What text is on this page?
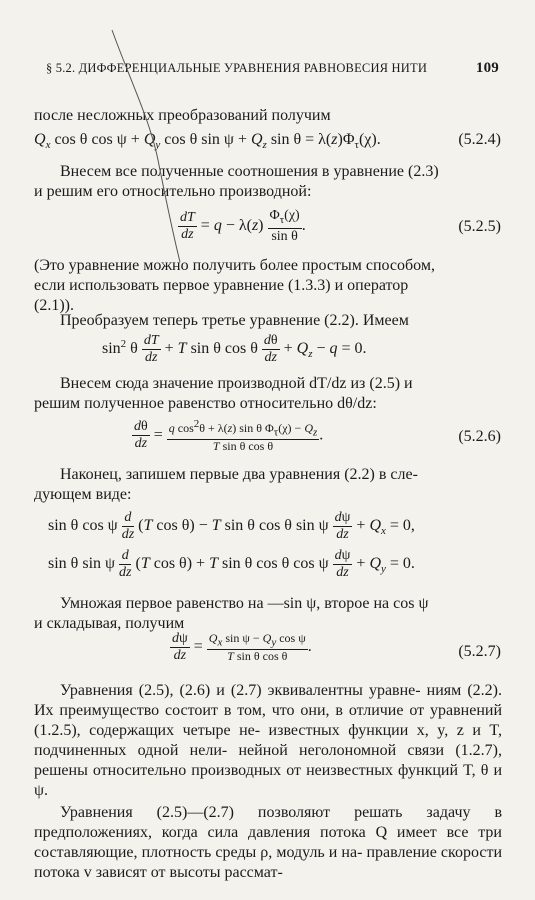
§ 5.2. ДИФФЕРЕНЦИАЛЬНЫЕ УРАВНЕНИЯ РАВНОВЕСИЯ НИТИ	109
после несложных преобразований получим
$Q_x$ cos θ $\cos \psi + Q_y$ cos θ $\sin \psi + Q_z$ $\sin \theta = \lambda(z)\Phi_\tau(\chi)$.	(5.2.4)
Внесем все полученные соотношения в уравнение (2.3)
и решим его относительно производной:
$\frac{dT}{dz} = q - \lambda(z) \frac{\Phi_\tau(\chi)}{\text{sin θ}}$ .	(5.2.5)
(Это уравнение можно получить более простым способом,
если использовать первое уравнение (1.3.3) и оператор
(2.1)).
Преобразуем теперь третье уравнение (2.2). Имеем
$\sin^2 \theta \frac{dT}{dz} + T$ sin θ cos θ $\frac{d\theta}{dz} + Q_z - q = 0$.
Внесем сюда значение производной dT/dz из (2.5) и
решим полученное равенство относительно dθ/dz:
$\frac{d\theta}{dz} = \frac{q \cos^2\theta + \lambda(z) \sin \theta \Phi_\tau(\chi) - Q_z}{\text{T sin θ cos θ}}$ .	(5.2.6)
Наконец, запишем первые два уравнения (2.2) в сле-
дующем виде:
sin θ cos ψ $\frac{d}{dz} (T$ cos θ) − T sin θ cos θ sin ψ $\frac{d\psi}{dz} + Q_x = 0$,
sin θ sin ψ $\frac{d}{dz} (T$ cos θ) + T sin θ cos θ cos ψ $\frac{d\psi}{dz} + Q_y = 0$.
Умножая первое равенство на —sin ψ, второе на cos ψ
и складывая, получим
$\frac{d\psi}{dz} = \frac{Q_x \sin \psi - Q_y \cos \psi}{\text{T sin θ cos θ}}$ .	(5.2.7)
Уравнения (2.5), (2.6) и (2.7) эквивалентны уравне- ниям (2.2). Их преимущество состоит в том, что они, в отличие от уравнений (1.2.5), содержащих четыре не- известных функции x, y, z и T, подчиненных одной нели- нейной неголономной связи (1.2.7), решены относительно производных от неизвестных функций T, θ и ψ.
Уравнения (2.5)—(2.7) позволяют решать задачу в предположениях, когда сила давления потока Q имеет все три составляющие, плотность среды ρ, модуль и на- правление скорости потока v зависят от высоты рассмат-
